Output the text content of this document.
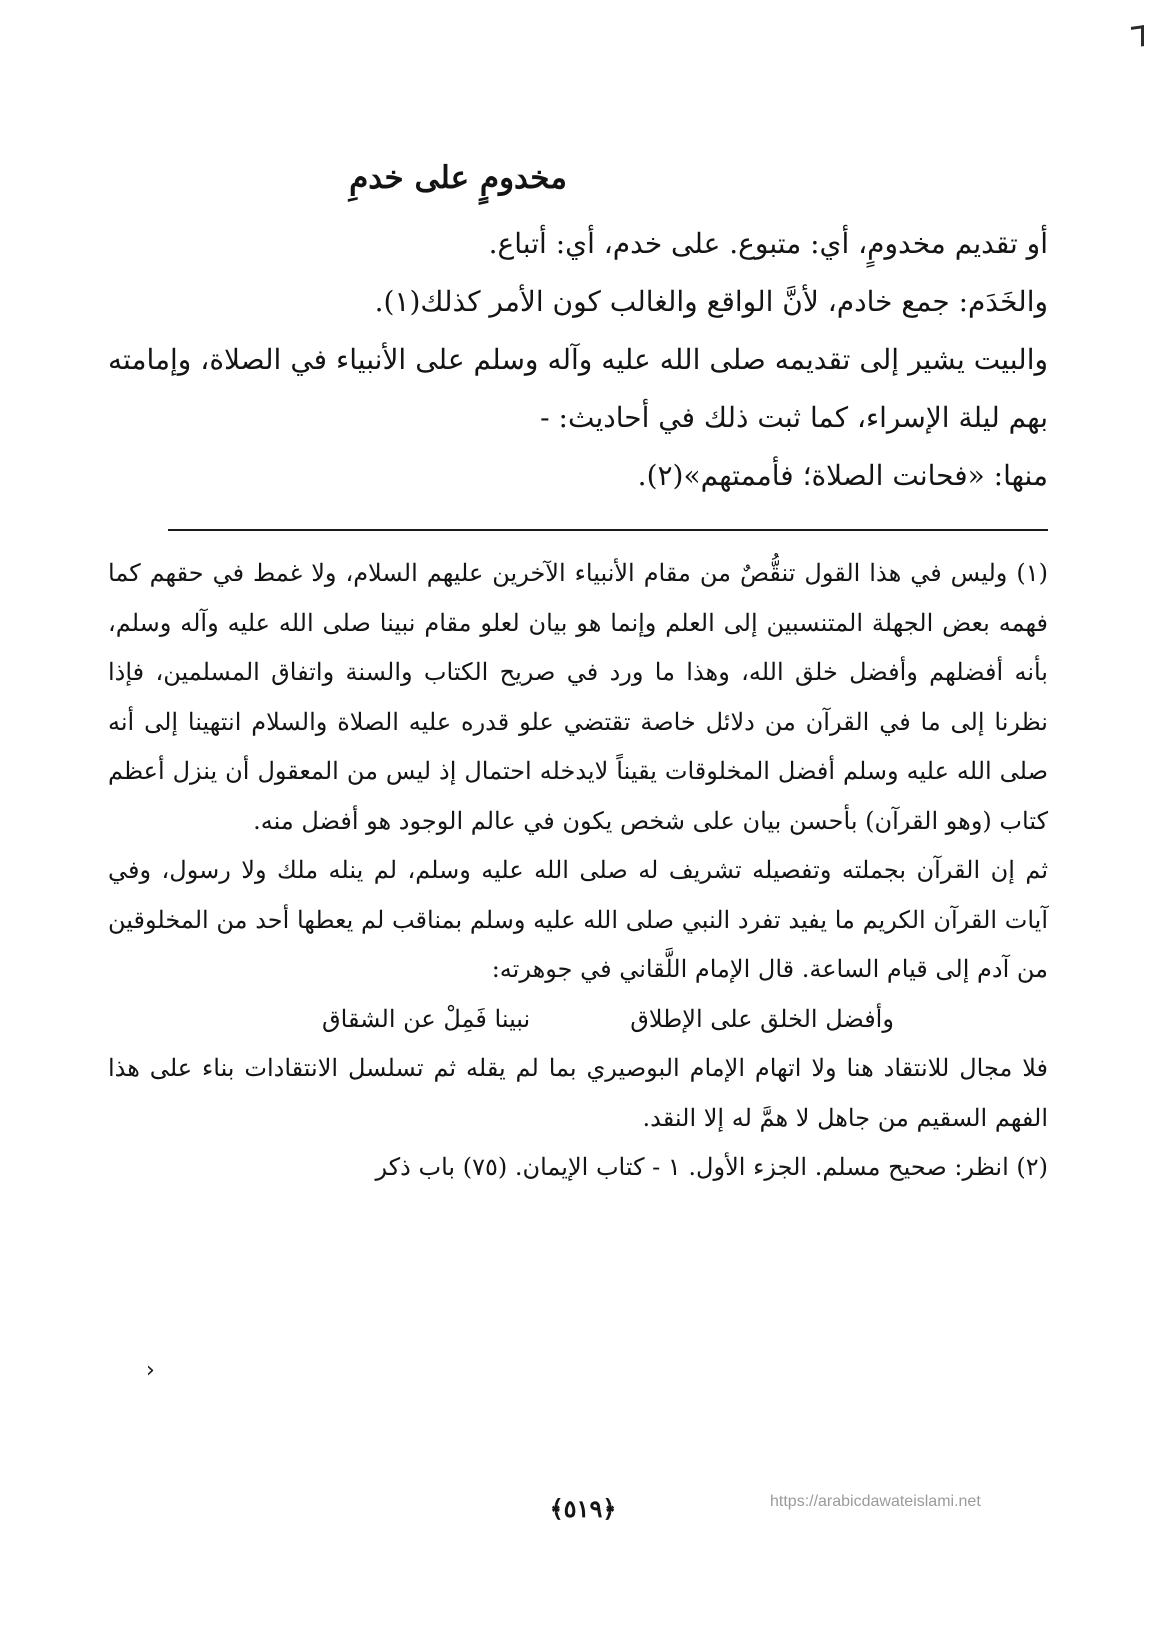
مخدومٍ على خدمِ

أو تقديم مخدومٍ، أي: متبوع. على خدم، أي: أتباع.

والخَدَم: جمع خادم، لأنَّ الواقع والغالب كون الأمر كذلك(١).

والبيت يشير إلى تقديمه صلى الله عليه وآله وسلم على الأنبياء في الصلاة، وإمامته بهم ليلة الإسراء، كما ثبت ذلك في أحاديث: -

منها: «فحانت الصلاة؛ فأممتهم»(٢).

(١) وليس في هذا القول تنقُّصٌ من مقام الأنبياء الآخرين عليهم السلام، ولا غمط في حقهم كما فهمه بعض الجهلة المتنسبين إلى العلم وإنما هو بيان لعلو مقام نبينا صلى الله عليه وآله وسلم، بأنه أفضلهم وأفضل خلق الله، وهذا ما ورد في صريح الكتاب والسنة واتفاق المسلمين، فإذا نظرنا إلى ما في القرآن من دلائل خاصة تقتضي علو قدره عليه الصلاة والسلام انتهينا إلى أنه صلى الله عليه وسلم أفضل المخلوقات يقيناً لايدخله احتمال إذ ليس من المعقول أن ينزل أعظم كتاب (وهو القرآن) بأحسن بيان على شخص يكون في عالم الوجود هو أفضل منه.

ثم إن القرآن بجملته وتفصيله تشريف له صلى الله عليه وسلم، لم ينله ملك ولا رسول، وفي آيات القرآن الكريم ما يفيد تفرد النبي صلى الله عليه وسلم بمناقب لم يعطها أحد من المخلوقين من آدم إلى قيام الساعة. قال الإمام اللَّقاني في جوهرته:

وأفضل الخلق على الإطلاق
نبينا فَمِلْ عن الشقاق

فلا مجال للانتقاد هنا ولا اتهام الإمام البوصيري بما لم يقله ثم تسلسل الانتقادات بناء على هذا الفهم السقيم من جاهل لا همَّ له إلا النقد.

(٢) انظر: صحيح مسلم. الجزء الأول. ١ - كتاب الإيمان. (٧٥) باب ذكر

›
﴿٥١٩﴾	https://arabicdawateislami.net
